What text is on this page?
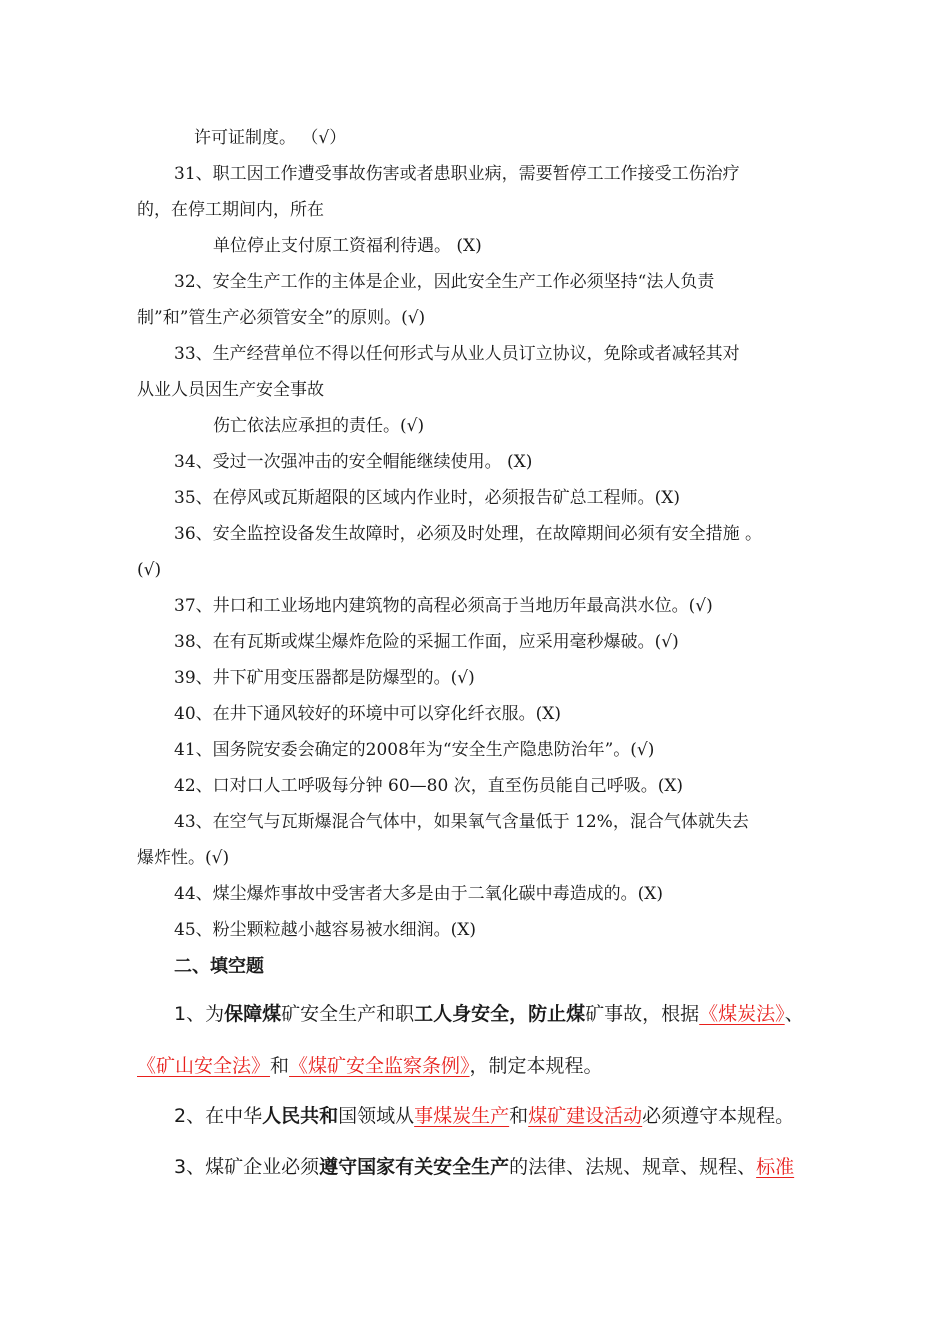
许可证制度。 （√）
31、职工因工作遭受事故伤害或者患职业病，需要暂停工工作接受工伤治疗
的，在停工期间内，所在
单位停止支付原工资福利待遇。 (X)
32、安全生产工作的主体是企业，因此安全生产工作必须坚持“法人负责
制”和”管生产必须管安全”的原则。(√)
33、生产经营单位不得以任何形式与从业人员订立协议，免除或者减轻其对
从业人员因生产安全事故
伤亡依法应承担的责任。(√)
34、受过一次强冲击的安全帽能继续使用。 (X)
35、在停风或瓦斯超限的区域内作业时，必须报告矿总工程师。(X)
36、安全监控设备发生故障时，必须及时处理，在故障期间必须有安全措施 。
(√)
37、井口和工业场地内建筑物的高程必须高于当地历年最高洪水位。(√)
38、在有瓦斯或煤尘爆炸危险的采掘工作面，应采用毫秒爆破。(√)
39、井下矿用变压器都是防爆型的。(√)
40、在井下通风较好的环境中可以穿化纤衣服。(X)
41、国务院安委会确定的2008年为“安全生产隐患防治年”。(√)
42、口对口人工呼吸每分钟 60—80 次，直至伤员能自己呼吸。(X)
43、在空气与瓦斯爆混合气体中，如果氧气含量低于 12%，混合气体就失去
爆炸性。(√)
44、煤尘爆炸事故中受害者大多是由于二氧化碳中毒造成的。(X)
45、粉尘颗粒越小越容易被水细润。(X)
二、填空题
1、为保障煤矿安全生产和职工人身安全，防止煤矿事故，根据《煤炭法》、
《矿山安全法》和《煤矿安全监察条例》，制定本规程。
2、在中华人民共和国领域从事煤炭生产和煤矿建设活动必须遵守本规程。
3、煤矿企业必须遵守国家有关安全生产的法律、法规、规章、规程、标准
